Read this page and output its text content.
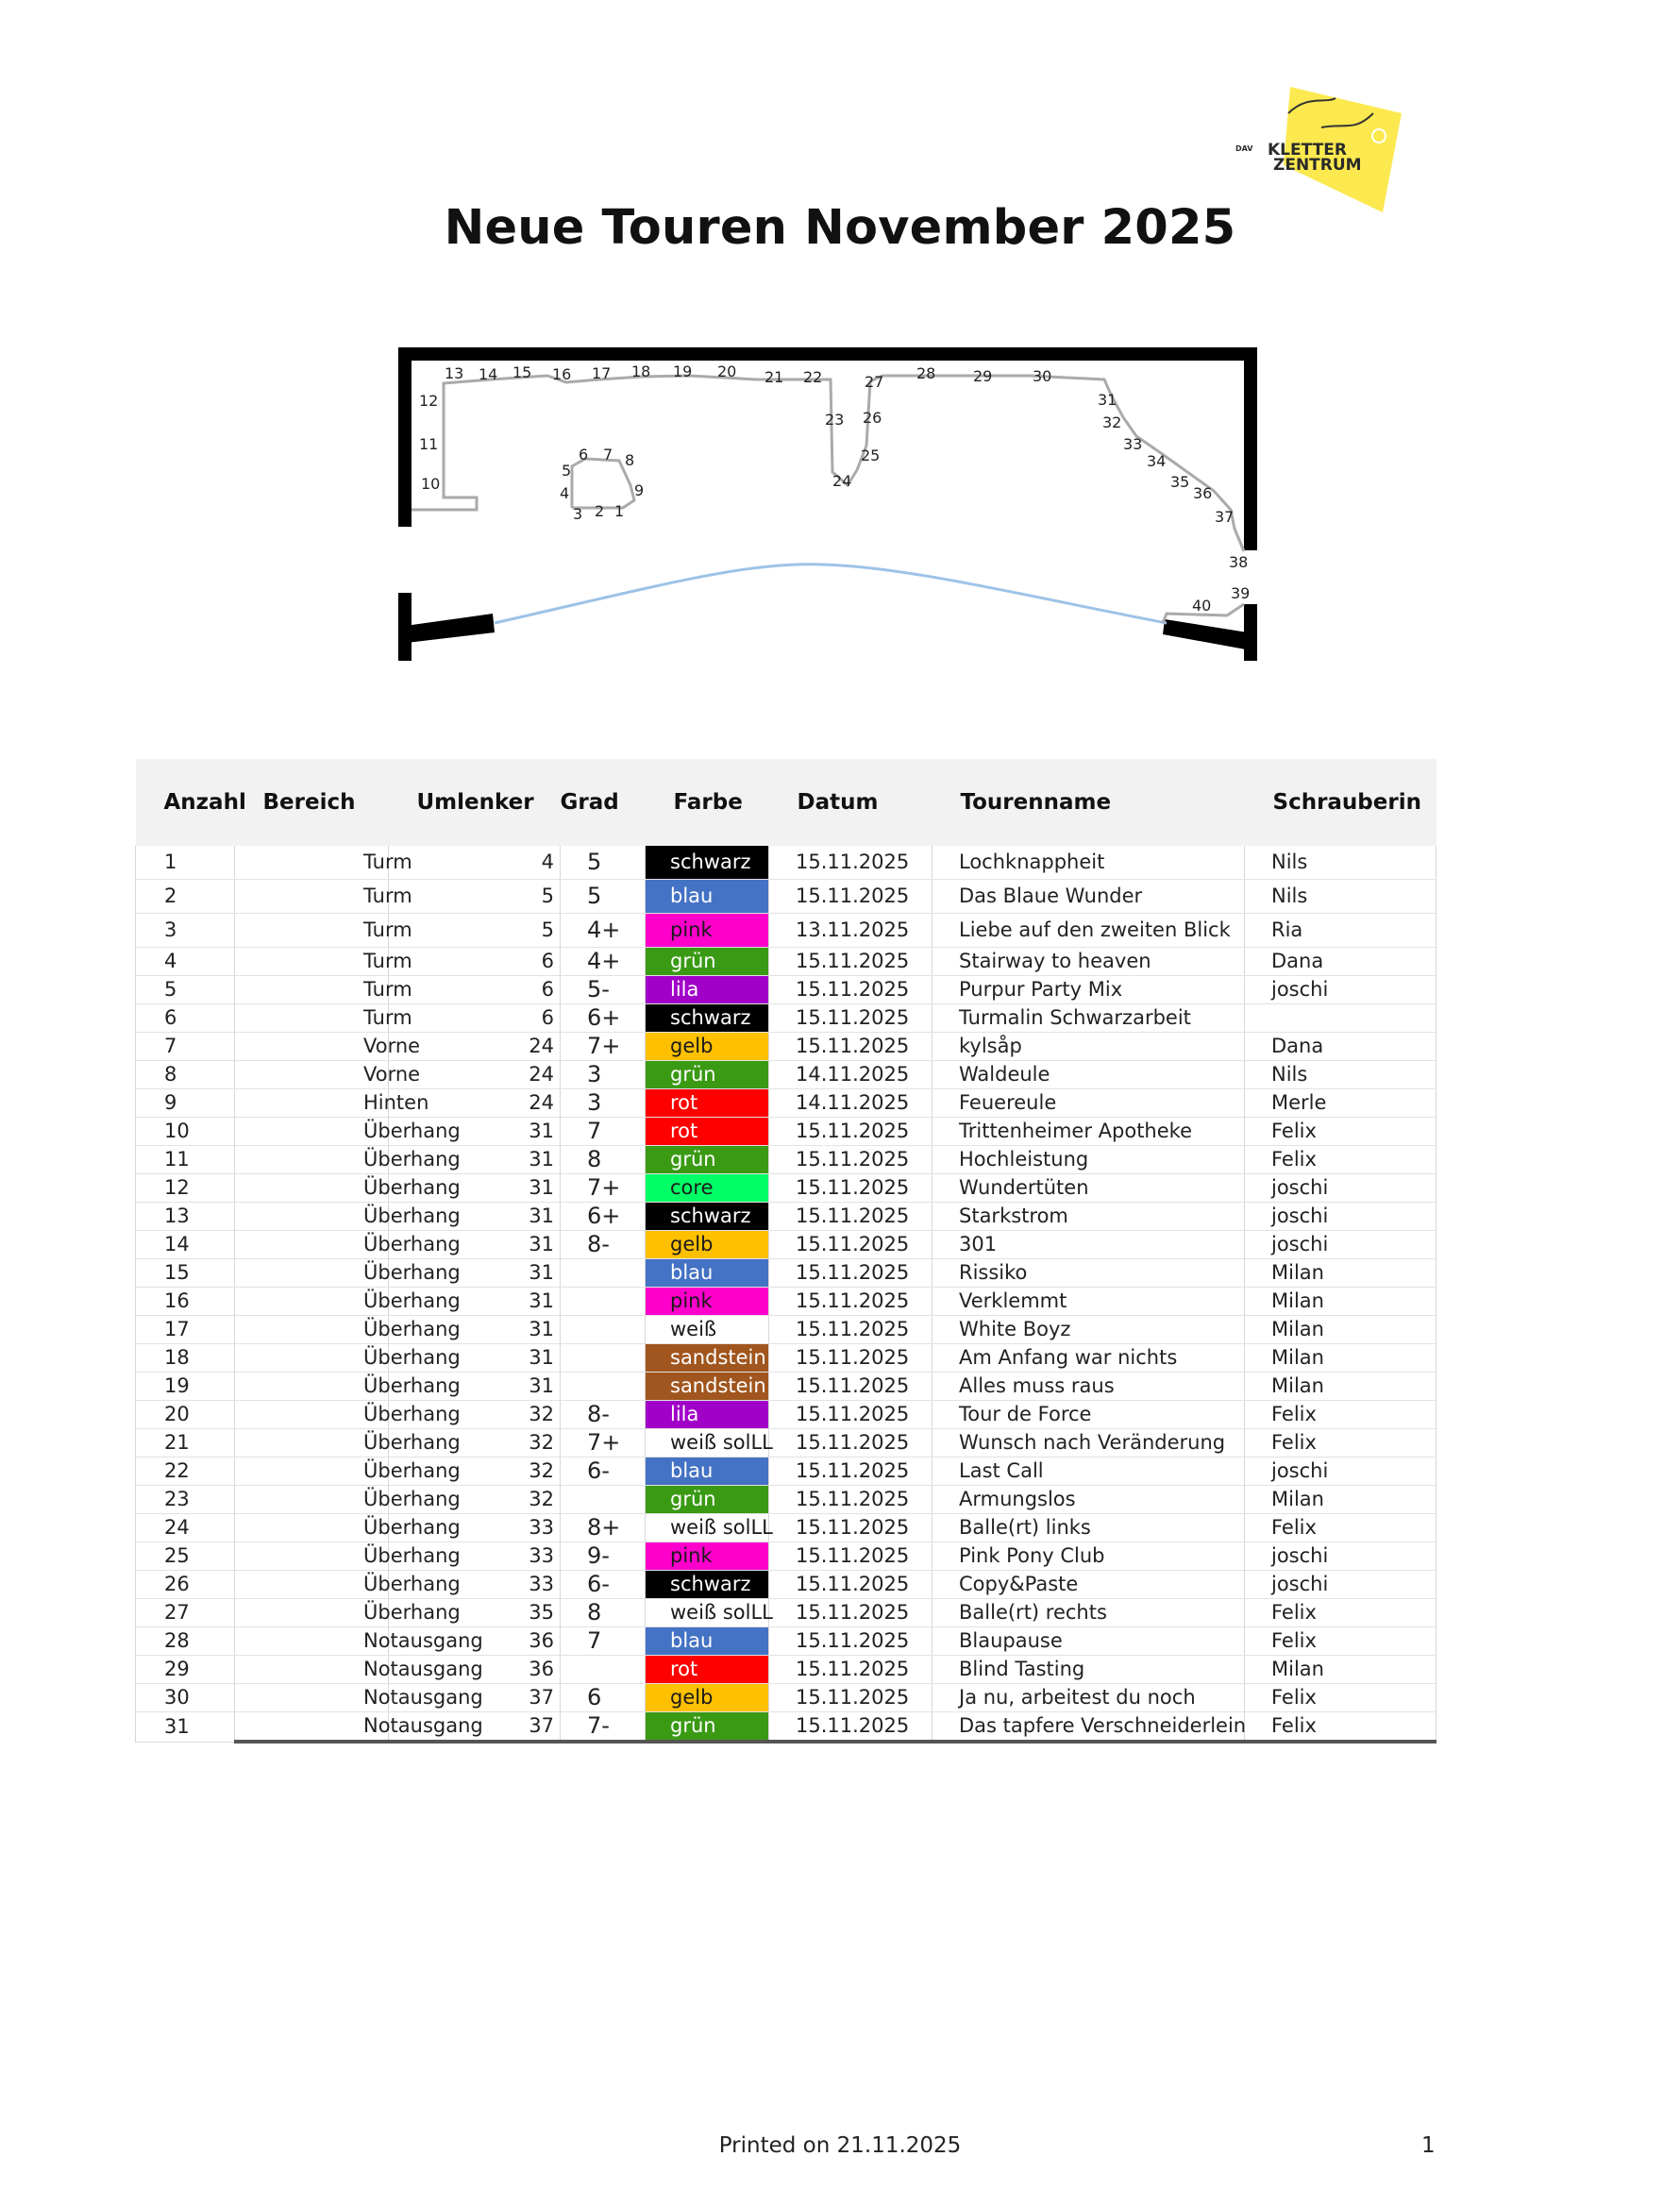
DAV KLETTER
ZENTRUM
Neue Touren November 2025
1
2
3
4
5
6 7 8
9
10
11
12
13 14 15 16 17 18 19 20 21 22
23
24
25
26
27 28 29	30
31
32
33
34
35
36
37
38
39
40
Anzahl	Bereich	Umlenker	Grad	Farbe	Datum	Tourenname	Schrauberin
1	Turm	4	5	schwarz	15.11.2025	Lochknappheit	Nils
2	Turm	5	5	blau	15.11.2025	Das Blaue Wunder	Nils
3	Turm	5	4+	pink	13.11.2025	Liebe auf den zweiten Blick	Ria
4	Turm	6	4+	grün	15.11.2025	Stairway to heaven	Dana
5	Turm	6	5-	lila	15.11.2025	Purpur Party Mix	joschi
6	Turm	6	6+	schwarz	15.11.2025	Turmalin Schwarzarbeit	
7	Vorne	24	7+	gelb	15.11.2025	kylsåp	Dana
8	Vorne	24	3	grün	14.11.2025	Waldeule	Nils
9	Hinten	24	3	rot	14.11.2025	Feuereule	Merle
10	Überhang	31	7	rot	15.11.2025	Trittenheimer Apotheke	Felix
11	Überhang	31	8	grün	15.11.2025	Hochleistung	Felix
12	Überhang	31	7+	core	15.11.2025	Wundertüten	joschi
13	Überhang	31	6+	schwarz	15.11.2025	Starkstrom	joschi
14	Überhang	31	8-	gelb	15.11.2025	301	joschi
15	Überhang	31		blau	15.11.2025	Rissiko	Milan
16	Überhang	31		pink	15.11.2025	Verklemmt	Milan
17	Überhang	31		weiß	15.11.2025	White Boyz	Milan
18	Überhang	31		sandstein	15.11.2025	Am Anfang war nichts	Milan
19	Überhang	31		sandstein	15.11.2025	Alles muss raus	Milan
20	Überhang	32	8-	lila	15.11.2025	Tour de Force	Felix
21	Überhang	32	7+	weiß solLL	15.11.2025	Wunsch nach Veränderung	Felix
22	Überhang	32	6-	blau	15.11.2025	Last Call	joschi
23	Überhang	32		grün	15.11.2025	Armungslos	Milan
24	Überhang	33	8+	weiß solLL	15.11.2025	Balle(rt) links	Felix
25	Überhang	33	9-	pink	15.11.2025	Pink Pony Club	joschi
26	Überhang	33	6-	schwarz	15.11.2025	Copy&Paste	joschi
27	Überhang	35	8	weiß solLL	15.11.2025	Balle(rt) rechts	Felix
28	Notausgang	36	7	blau	15.11.2025	Blaupause	Felix
29	Notausgang	36		rot	15.11.2025	Blind Tasting	Milan
30	Notausgang	37	6	gelb	15.11.2025	Ja nu, arbeitest du noch	Felix
31	Notausgang	37	7-	grün	15.11.2025	Das tapfere Verschneiderlein	Felix
Printed on 21.11.2025	1
